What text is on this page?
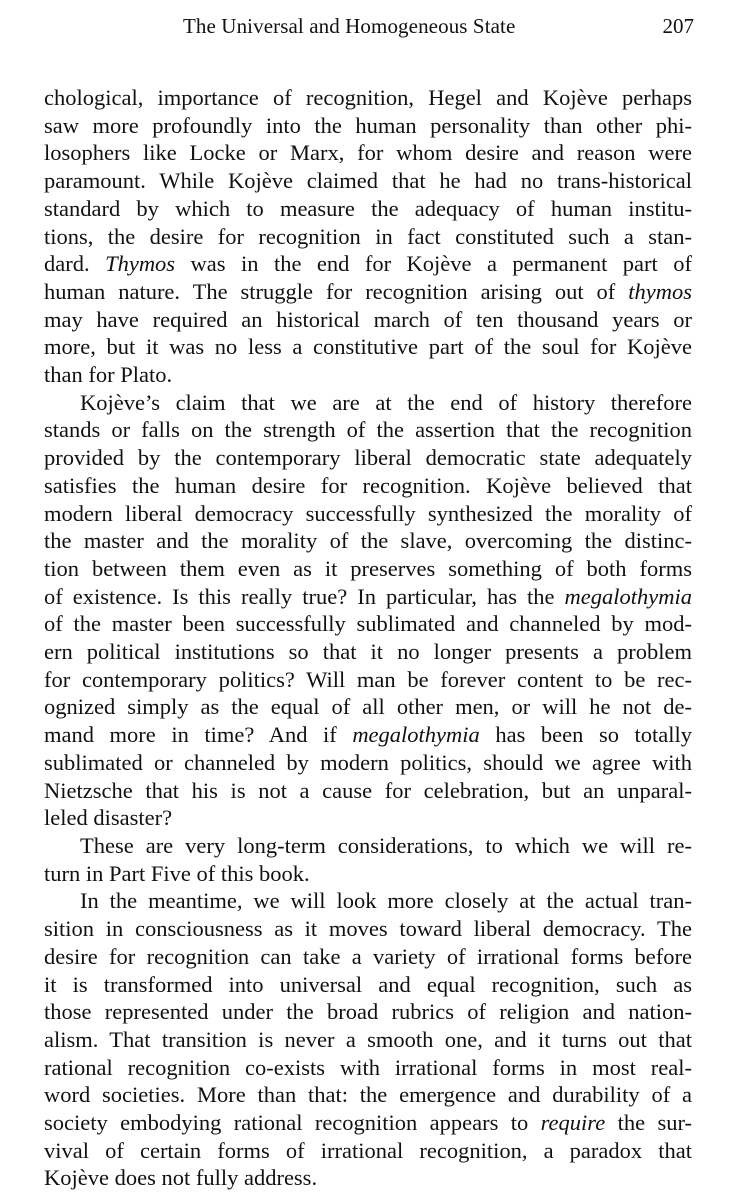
The Universal and Homogeneous State	207

chological, importance of recognition, Hegel and Kojève perhaps
saw more profoundly into the human personality than other phi-
losophers like Locke or Marx, for whom desire and reason were
paramount. While Kojève claimed that he had no trans-historical
standard by which to measure the adequacy of human institu-
tions, the desire for recognition in fact constituted such a stan-
dard. Thymos was in the end for Kojève a permanent part of
human nature. The struggle for recognition arising out of thymos
may have required an historical march of ten thousand years or
more, but it was no less a constitutive part of the soul for Kojève
than for Plato.

Kojève’s claim that we are at the end of history therefore
stands or falls on the strength of the assertion that the recognition
provided by the contemporary liberal democratic state adequately
satisfies the human desire for recognition. Kojève believed that
modern liberal democracy successfully synthesized the morality of
the master and the morality of the slave, overcoming the distinc-
tion between them even as it preserves something of both forms
of existence. Is this really true? In particular, has the megalothymia
of the master been successfully sublimated and channeled by mod-
ern political institutions so that it no longer presents a problem
for contemporary politics? Will man be forever content to be rec-
ognized simply as the equal of all other men, or will he not de-
mand more in time? And if megalothymia has been so totally
sublimated or channeled by modern politics, should we agree with
Nietzsche that his is not a cause for celebration, but an unparal-
leled disaster?

These are very long-term considerations, to which we will re-
turn in Part Five of this book.

In the meantime, we will look more closely at the actual tran-
sition in consciousness as it moves toward liberal democracy. The
desire for recognition can take a variety of irrational forms before
it is transformed into universal and equal recognition, such as
those represented under the broad rubrics of religion and nation-
alism. That transition is never a smooth one, and it turns out that
rational recognition co-exists with irrational forms in most real-
word societies. More than that: the emergence and durability of a
society embodying rational recognition appears to require the sur-
vival of certain forms of irrational recognition, a paradox that
Kojève does not fully address.
